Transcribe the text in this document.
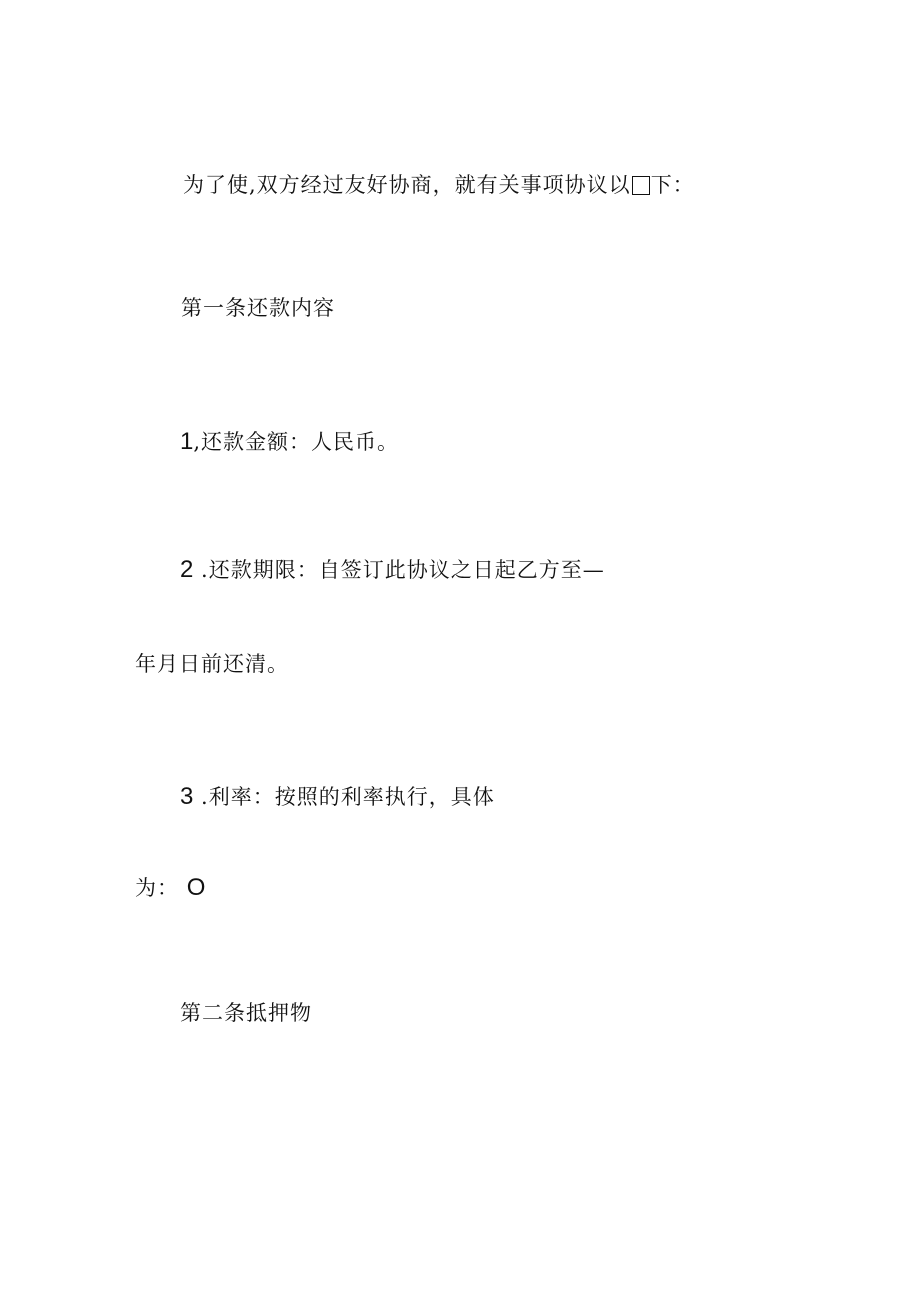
为了使,双方经过友好协商，就有关事项协议以 下：
第一条还款内容
1,还款金额：人民币。
2 .还款期限：自签订此协议之日起乙方至—
年月日前还清。
3 .利率：按照的利率执行，具体
为： O
第二条抵押物
